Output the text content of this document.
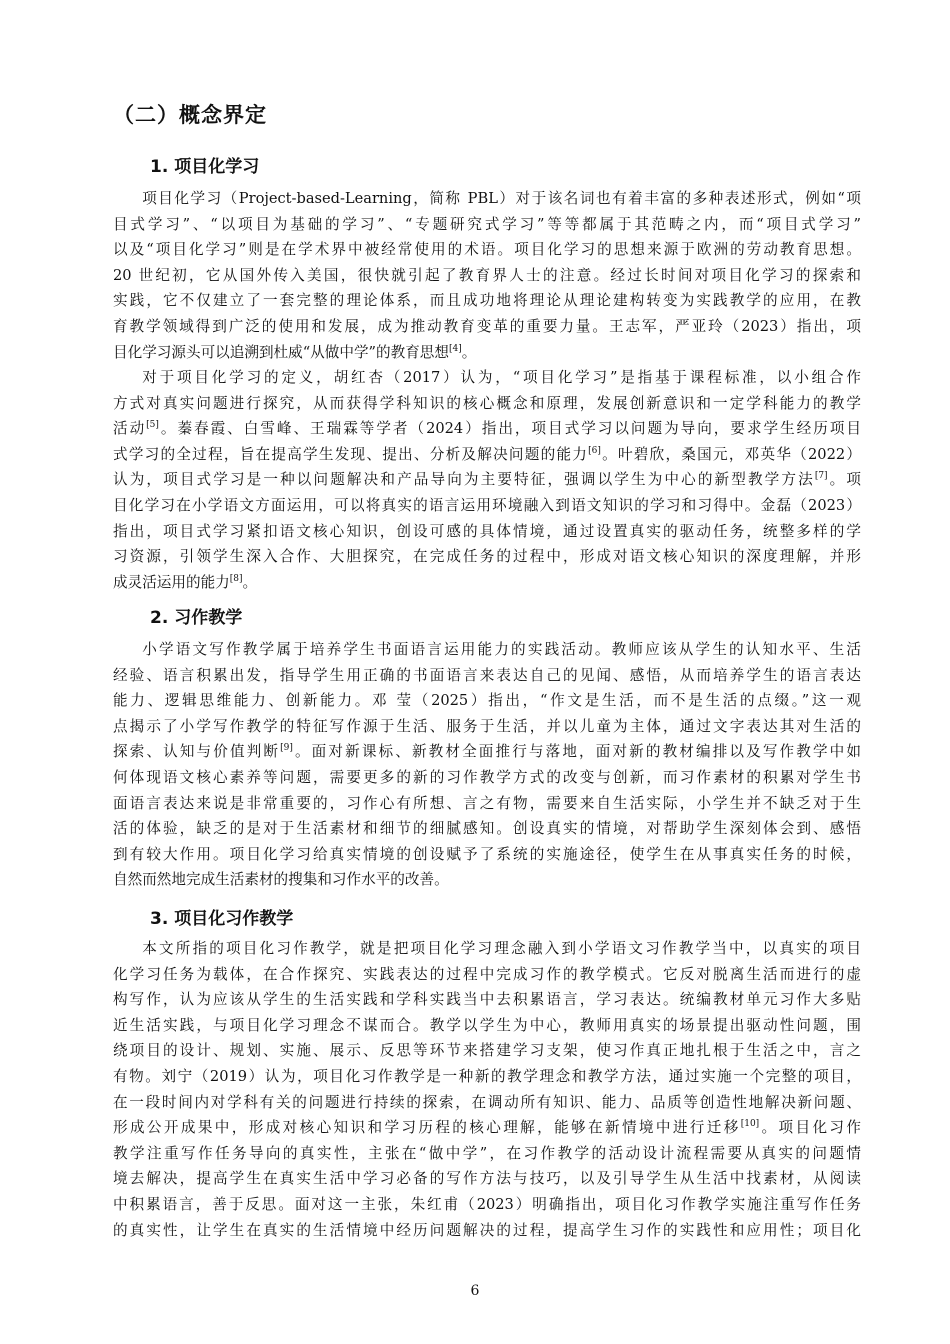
（二）概念界定
1. 项目化学习
项目化学习（Project-based-Learning，简称 PBL）对于该名词也有着丰富的多种表述形式，例如“项
目式学习”、“以项目为基础的学习”、“专题研究式学习”等等都属于其范畴之内，而“项目式学习”
以及“项目化学习”则是在学术界中被经常使用的术语。项目化学习的思想来源于欧洲的劳动教育思想。
20 世纪初，它从国外传入美国，很快就引起了教育界人士的注意。经过长时间对项目化学习的探索和
实践，它不仅建立了一套完整的理论体系，而且成功地将理论从理论建构转变为实践教学的应用，在教
育教学领域得到广泛的使用和发展，成为推动教育变革的重要力量。王志军，严亚玲（2023）指出，项
目化学习源头可以追溯到杜威“从做中学”的教育思想[4]。
对于项目化学习的定义，胡红杏（2017）认为，“项目化学习”是指基于课程标准，以小组合作
方式对真实问题进行探究，从而获得学科知识的核心概念和原理，发展创新意识和一定学科能力的教学
活动[5]。蓁春霞、白雪峰、王瑞霖等学者（2024）指出，项目式学习以问题为导向，要求学生经历项目
式学习的全过程，旨在提高学生发现、提出、分析及解决问题的能力[6]。叶碧欣，桑国元，邓英华（2022）
认为，项目式学习是一种以问题解决和产品导向为主要特征，强调以学生为中心的新型教学方法[7]。项
目化学习在小学语文方面运用，可以将真实的语言运用环境融入到语文知识的学习和习得中。金磊（2023）
指出，项目式学习紧扣语文核心知识，创设可感的具体情境，通过设置真实的驱动任务，统整多样的学
习资源，引领学生深入合作、大胆探究，在完成任务的过程中，形成对语文核心知识的深度理解，并形
成灵活运用的能力[8]。
2. 习作教学
小学语文写作教学属于培养学生书面语言运用能力的实践活动。教师应该从学生的认知水平、生活
经验、语言积累出发，指导学生用正确的书面语言来表达自己的见闻、感悟，从而培养学生的语言表达
能力、逻辑思维能力、创新能力。邓 莹（2025）指出，“作文是生活，而不是生活的点缀。”这一观
点揭示了小学写作教学的特征写作源于生活、服务于生活，并以儿童为主体，通过文字表达其对生活的
探索、认知与价值判断[9]。面对新课标、新教材全面推行与落地，面对新的教材编排以及写作教学中如
何体现语文核心素养等问题，需要更多的新的习作教学方式的改变与创新，而习作素材的积累对学生书
面语言表达来说是非常重要的，习作心有所想、言之有物，需要来自生活实际，小学生并不缺乏对于生
活的体验，缺乏的是对于生活素材和细节的细腻感知。创设真实的情境，对帮助学生深刻体会到、感悟
到有较大作用。项目化学习给真实情境的创设赋予了系统的实施途径，使学生在从事真实任务的时候，
自然而然地完成生活素材的搜集和习作水平的改善。
3. 项目化习作教学
本文所指的项目化习作教学，就是把项目化学习理念融入到小学语文习作教学当中，以真实的项目
化学习任务为载体，在合作探究、实践表达的过程中完成习作的教学模式。它反对脱离生活而进行的虚
构写作，认为应该从学生的生活实践和学科实践当中去积累语言，学习表达。统编教材单元习作大多贴
近生活实践，与项目化学习理念不谋而合。教学以学生为中心，教师用真实的场景提出驱动性问题，围
绕项目的设计、规划、实施、展示、反思等环节来搭建学习支架，使习作真正地扎根于生活之中，言之
有物。刘宁（2019）认为，项目化习作教学是一种新的教学理念和教学方法，通过实施一个完整的项目，
在一段时间内对学科有关的问题进行持续的探索，在调动所有知识、能力、品质等创造性地解决新问题、
形成公开成果中，形成对核心知识和学习历程的核心理解，能够在新情境中进行迁移[10]。项目化习作
教学注重写作任务导向的真实性，主张在“做中学”，在习作教学的活动设计流程需要从真实的问题情
境去解决，提高学生在真实生活中学习必备的写作方法与技巧，以及引导学生从生活中找素材，从阅读
中积累语言，善于反思。面对这一主张，朱红甫（2023）明确指出，项目化习作教学实施注重写作任务
的真实性，让学生在真实的生活情境中经历问题解决的过程，提高学生习作的实践性和应用性；项目化
6
